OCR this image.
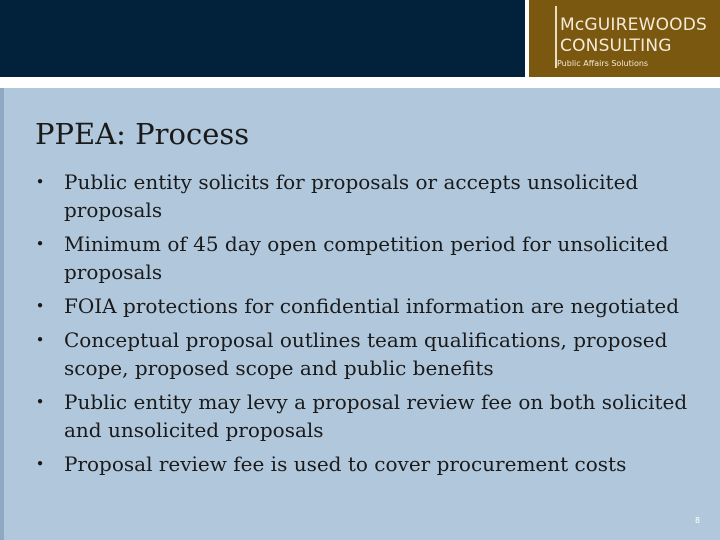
McGUIREWOODS
CONSULTING
Public Affairs Solutions
PPEA: Process
• Public entity solicits for proposals or accepts unsolicited proposals
• Minimum of 45 day open competition period for unsolicited proposals
• FOIA protections for confidential information are negotiated
• Conceptual proposal outlines team qualifications, proposed scope, proposed scope and public benefits
• Public entity may levy a proposal review fee on both solicited and unsolicited proposals
• Proposal review fee is used to cover procurement costs
8
